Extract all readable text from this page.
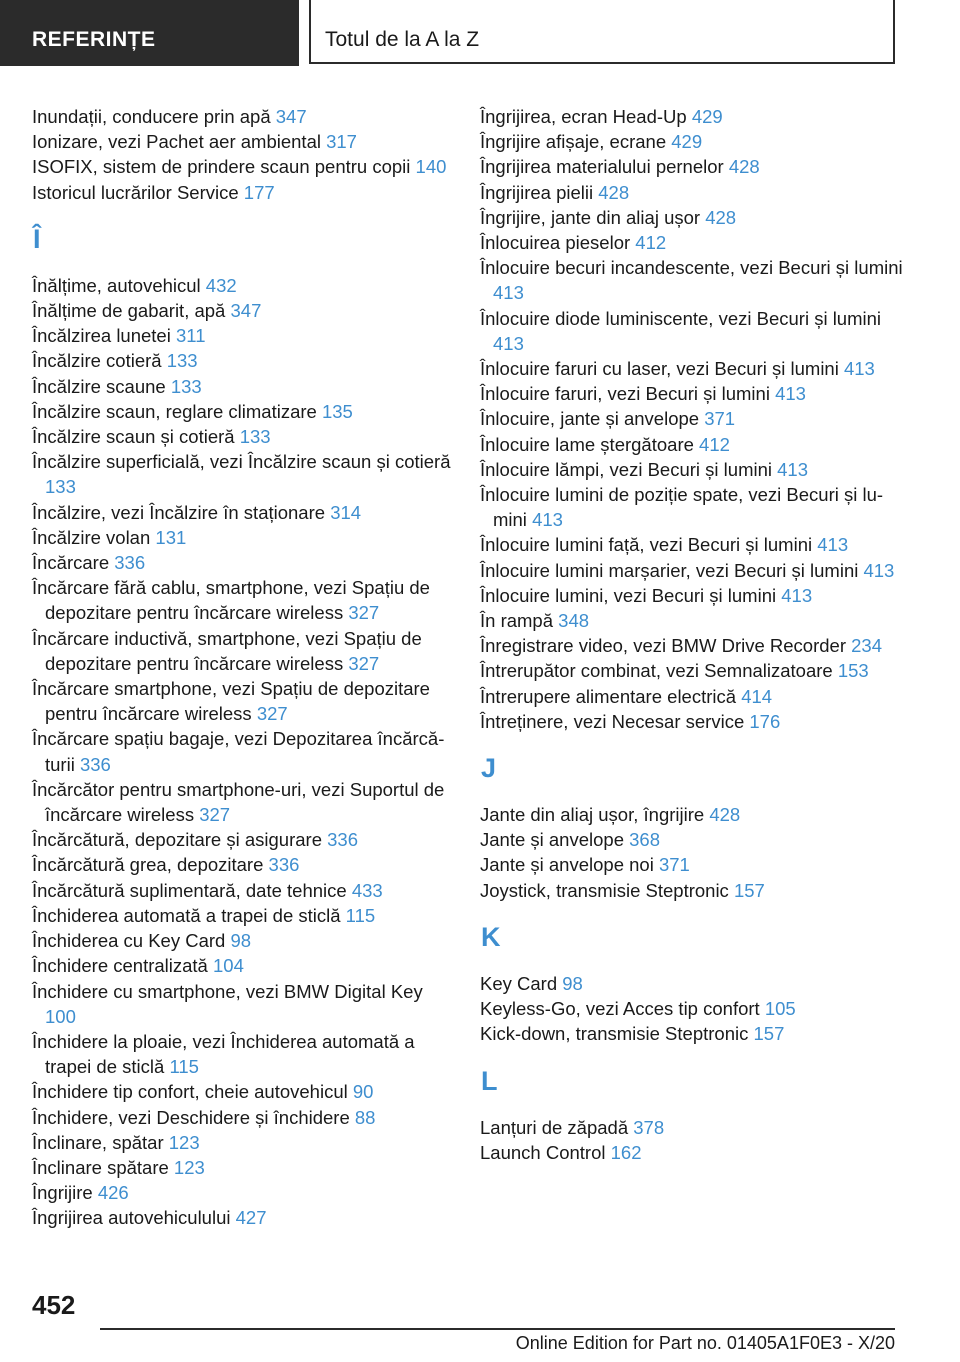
REFERINȚE	Totul de la A la Z
Inundații, conducere prin apă 347
Ionizare, vezi Pachet aer ambiental 317
ISOFIX, sistem de prindere scaun pentru copii 140
Istoricul lucrărilor Service 177
Î
Înălțime, autovehicul 432
Înălțime de gabarit, apă 347
Încălzirea lunetei 311
Încălzire cotieră 133
Încălzire scaune 133
Încălzire scaun, reglare climatizare 135
Încălzire scaun și cotieră 133
Încălzire superficială, vezi Încălzire scaun și cotieră 133
Încălzire, vezi Încălzire în staționare 314
Încălzire volan 131
Încărcare 336
Încărcare fără cablu, smartphone, vezi Spațiu de depozitare pentru încărcare wireless 327
Încărcare inductivă, smartphone, vezi Spațiu de depozitare pentru încărcare wireless 327
Încărcare smartphone, vezi Spațiu de depozitare pentru încărcare wireless 327
Încărcare spațiu bagaje, vezi Depozitarea încărcăturii 336
Încărcător pentru smartphone-uri, vezi Suportul de încărcare wireless 327
Încărcătură, depozitare și asigurare 336
Încărcătură grea, depozitare 336
Încărcătură suplimentară, date tehnice 433
Închiderea automată a trapei de sticlă 115
Închiderea cu Key Card 98
Închidere centralizată 104
Închidere cu smartphone, vezi BMW Digital Key 100
Închidere la ploaie, vezi Închiderea automată a trapei de sticlă 115
Închidere tip confort, cheie autovehicul 90
Închidere, vezi Deschidere și închidere 88
Înclinare, spătar 123
Înclinare spătare 123
Îngrijire 426
Îngrijirea autovehiculului 427
Îngrijirea, ecran Head-Up 429
Îngrijire afișaje, ecrane 429
Îngrijirea materialului pernelor 428
Îngrijirea pielii 428
Îngrijire, jante din aliaj ușor 428
Înlocuirea pieselor 412
Înlocuire becuri incandescente, vezi Becuri și lumini 413
Înlocuire diode luminiscente, vezi Becuri și lumini 413
Înlocuire faruri cu laser, vezi Becuri și lumini 413
Înlocuire faruri, vezi Becuri și lumini 413
Înlocuire, jante și anvelope 371
Înlocuire lame ștergătoare 412
Înlocuire lămpi, vezi Becuri și lumini 413
Înlocuire lumini de poziție spate, vezi Becuri și lumini 413
Înlocuire lumini față, vezi Becuri și lumini 413
Înlocuire lumini marșarier, vezi Becuri și lumini 413
Înlocuire lumini, vezi Becuri și lumini 413
În rampă 348
Înregistrare video, vezi BMW Drive Recorder 234
Întrerupător combinat, vezi Semnalizatoare 153
Întrerupere alimentare electrică 414
Întreținere, vezi Necesar service 176
J
Jante din aliaj ușor, îngrijire 428
Jante și anvelope 368
Jante și anvelope noi 371
Joystick, transmisie Steptronic 157
K
Key Card 98
Keyless-Go, vezi Acces tip confort 105
Kick-down, transmisie Steptronic 157
L
Lanțuri de zăpadă 378
Launch Control 162
452
Online Edition for Part no. 01405A1F0E3 - X/20
